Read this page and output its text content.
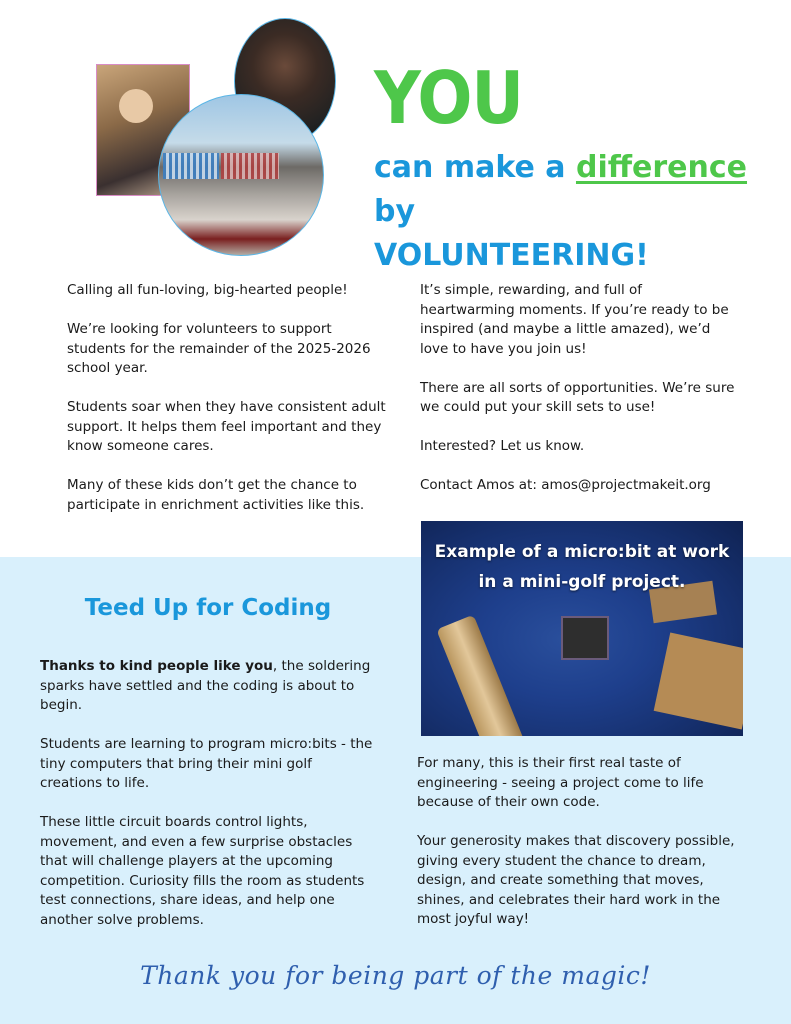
YOU
can make a difference by
VOLUNTEERING!

Calling all fun-loving, big-hearted people!

We’re looking for volunteers to support students for the remainder of the 2025-2026 school year.

Students soar when they have consistent adult support. It helps them feel important and they know someone cares.

Many of these kids don’t get the chance to participate in enrichment activities like this.

It’s simple, rewarding, and full of heartwarming moments. If you’re ready to be inspired (and maybe a little amazed), we’d love to have you join us!

There are all sorts of opportunities. We’re sure we could put your skill sets to use!

Interested? Let us know.

Contact Amos at: amos@projectmakeit.org

Example of a micro:bit at work
in a mini-golf project.
Teed Up for Coding

Thanks to kind people like you, the soldering sparks have settled and the coding is about to begin.

Students are learning to program micro:bits - the tiny computers that bring their mini golf creations to life.

These little circuit boards control lights, movement, and even a few surprise obstacles that will challenge players at the upcoming competition. Curiosity fills the room as students test connections, share ideas, and help one another solve problems.

For many, this is their first real taste of engineering - seeing a project come to life because of their own code.

Your generosity makes that discovery possible, giving every student the chance to dream, design, and create something that moves, shines, and celebrates their hard work in the most joyful way!

Thank you for being part of the magic!
